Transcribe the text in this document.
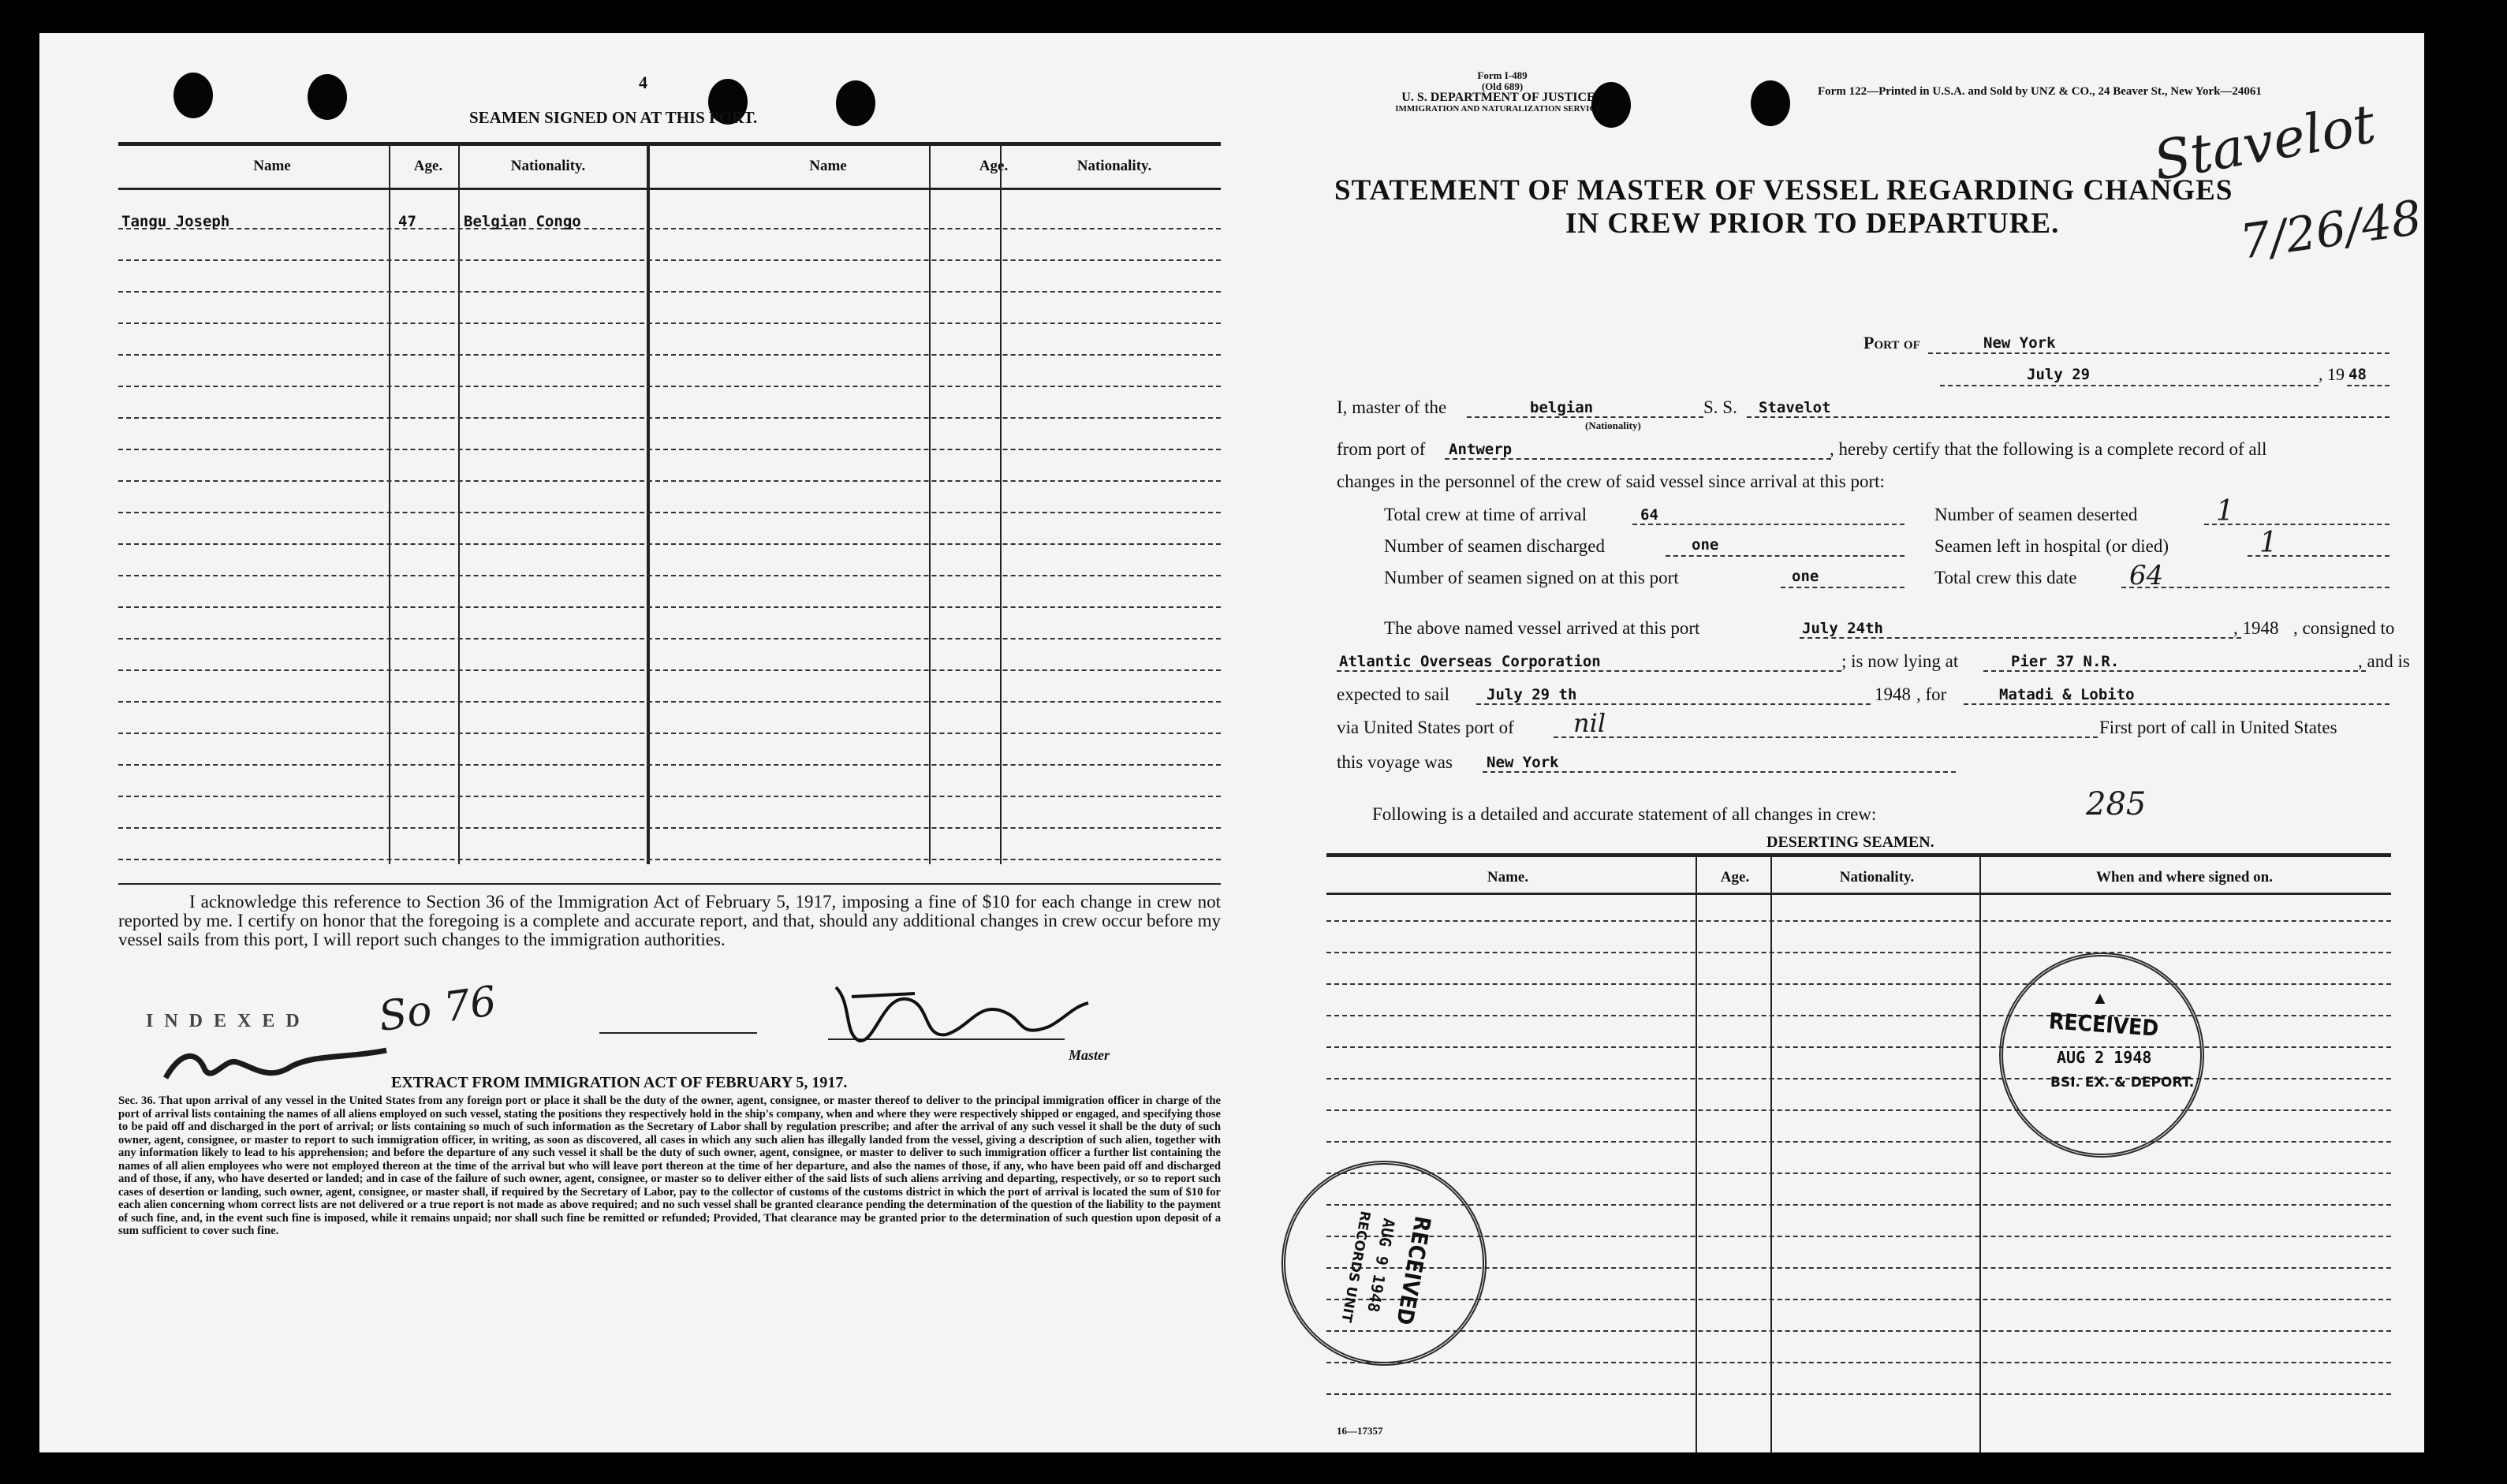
4
SEAMEN SIGNED ON AT THIS PORT.
Name	Age.	Nationality.	Name	Age.	Nationality.
Tangu Joseph	47	Belgian Congo
I acknowledge this reference to Section 36 of the Immigration Act of February 5, 1917, imposing a fine of $10 for each change in crew not reported by me. I certify on honor that the foregoing is a complete and accurate report, and that, should any additional changes in crew occur before my vessel sails from this port, I will report such changes to the immigration authorities.
INDEXED So 76
Master
EXTRACT FROM IMMIGRATION ACT OF FEBRUARY 5, 1917.
Sec. 36. That upon arrival of any vessel in the United States from any foreign port or place it shall be the duty of the owner, agent, consignee, or master thereof to deliver to the principal immigration officer in charge of the port of arrival lists containing the names of all aliens employed on such vessel, stating the positions they respectively hold in the ship's company, when and where they were respectively shipped or engaged, and specifying those to be paid off and discharged in the port of arrival; or lists containing so much of such information as the Secretary of Labor shall by regulation prescribe; and after the arrival of any such vessel it shall be the duty of such owner, agent, consignee, or master to report to such immigration officer, in writing, as soon as discovered, all cases in which any such alien has illegally landed from the vessel, giving a description of such alien, together with any information likely to lead to his apprehension; and before the departure of any such vessel it shall be the duty of such owner, agent, consignee, or master to deliver to such immigration officer a further list containing the names of all alien employees who were not employed thereon at the time of the arrival but who will leave port thereon at the time of her departure, and also the names of those, if any, who have been paid off and discharged and of those, if any, who have deserted or landed; and in case of the failure of such owner, agent, consignee, or master so to deliver either of the said lists of such aliens arriving and departing, respectively, or so to report such cases of desertion or landing, such owner, agent, consignee, or master shall, if required by the Secretary of Labor, pay to the collector of customs of the customs district in which the port of arrival is located the sum of $10 for each alien concerning whom correct lists are not delivered or a true report is not made as above required; and no such vessel shall be granted clearance pending the determination of the question of the liability to the payment of such fine, and, in the event such fine is imposed, while it remains unpaid; nor shall such fine be remitted or refunded; Provided, That clearance may be granted prior to the determination of such question upon deposit of a sum sufficient to cover such fine.
Form I-489
(Old 689)
U. S. DEPARTMENT OF JUSTICE
IMMIGRATION AND NATURALIZATION SERVICE
Form 122—Printed in U.S.A. and Sold by UNZ & CO., 24 Beaver St., New York—24061
Stavelot
7/26/48
STATEMENT OF MASTER OF VESSEL REGARDING CHANGES
IN CREW PRIOR TO DEPARTURE.
Port of	New York
July 29	, 19 48
I, master of the	belgian
(Nationality)
S. S. Stavelot
from port of Antwerp	, hereby certify that the following is a complete record of all
changes in the personnel of the crew of said vessel since arrival at this port:
Total crew at time of arrival	64	Number of seamen deserted	1
Number of seamen discharged	one	Seamen left in hospital (or died)	1
Number of seamen signed on at this port	one	Total crew this date 64
The above named vessel arrived at this port	July 24th	, 1948 , consigned to
Atlantic Overseas Corporation	; is now lying at	Pier 37 N.R.	, and is
expected to sail July 29 th	1948 , for	Matadi & Lobito
via United States port of nil	First port of call in United States
this voyage was New York
Following is a detailed and accurate statement of all changes in crew:	285
DESERTING SEAMEN.
Name.	Age.	Nationality.	When and where signed on.
RECEIVED
AUG 2 1948
BSI. EX. & DEPORT.
▲
RECEIVED
AUG 9 1948
RECORDS UNIT
16—17357
